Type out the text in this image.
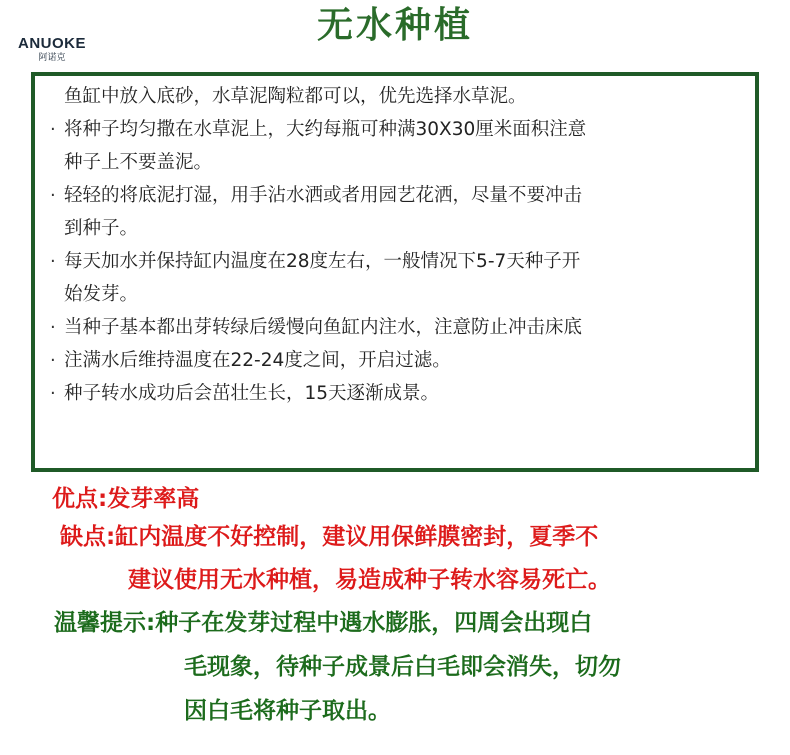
ANUOKE
阿诺克
无水种植
鱼缸中放入底砂，水草泥陶粒都可以，优先选择水草泥。
· 将种子均匀撒在水草泥上，大约每瓶可种满30X30厘米面积注意
种子上不要盖泥。
· 轻轻的将底泥打湿，用手沾水洒或者用园艺花洒，尽量不要冲击
到种子。
· 每天加水并保持缸内温度在28度左右，一般情况下5-7天种子开
始发芽。
· 当种子基本都出芽转绿后缓慢向鱼缸内注水，注意防止冲击床底
· 注满水后维持温度在22-24度之间，开启过滤。
· 种子转水成功后会茁壮生长，15天逐渐成景。
优点:发芽率高
缺点:缸内温度不好控制，建议用保鲜膜密封，夏季不
建议使用无水种植，易造成种子转水容易死亡。
温馨提示:种子在发芽过程中遇水膨胀，四周会出现白
毛现象，待种子成景后白毛即会消失，切勿
因白毛将种子取出。
